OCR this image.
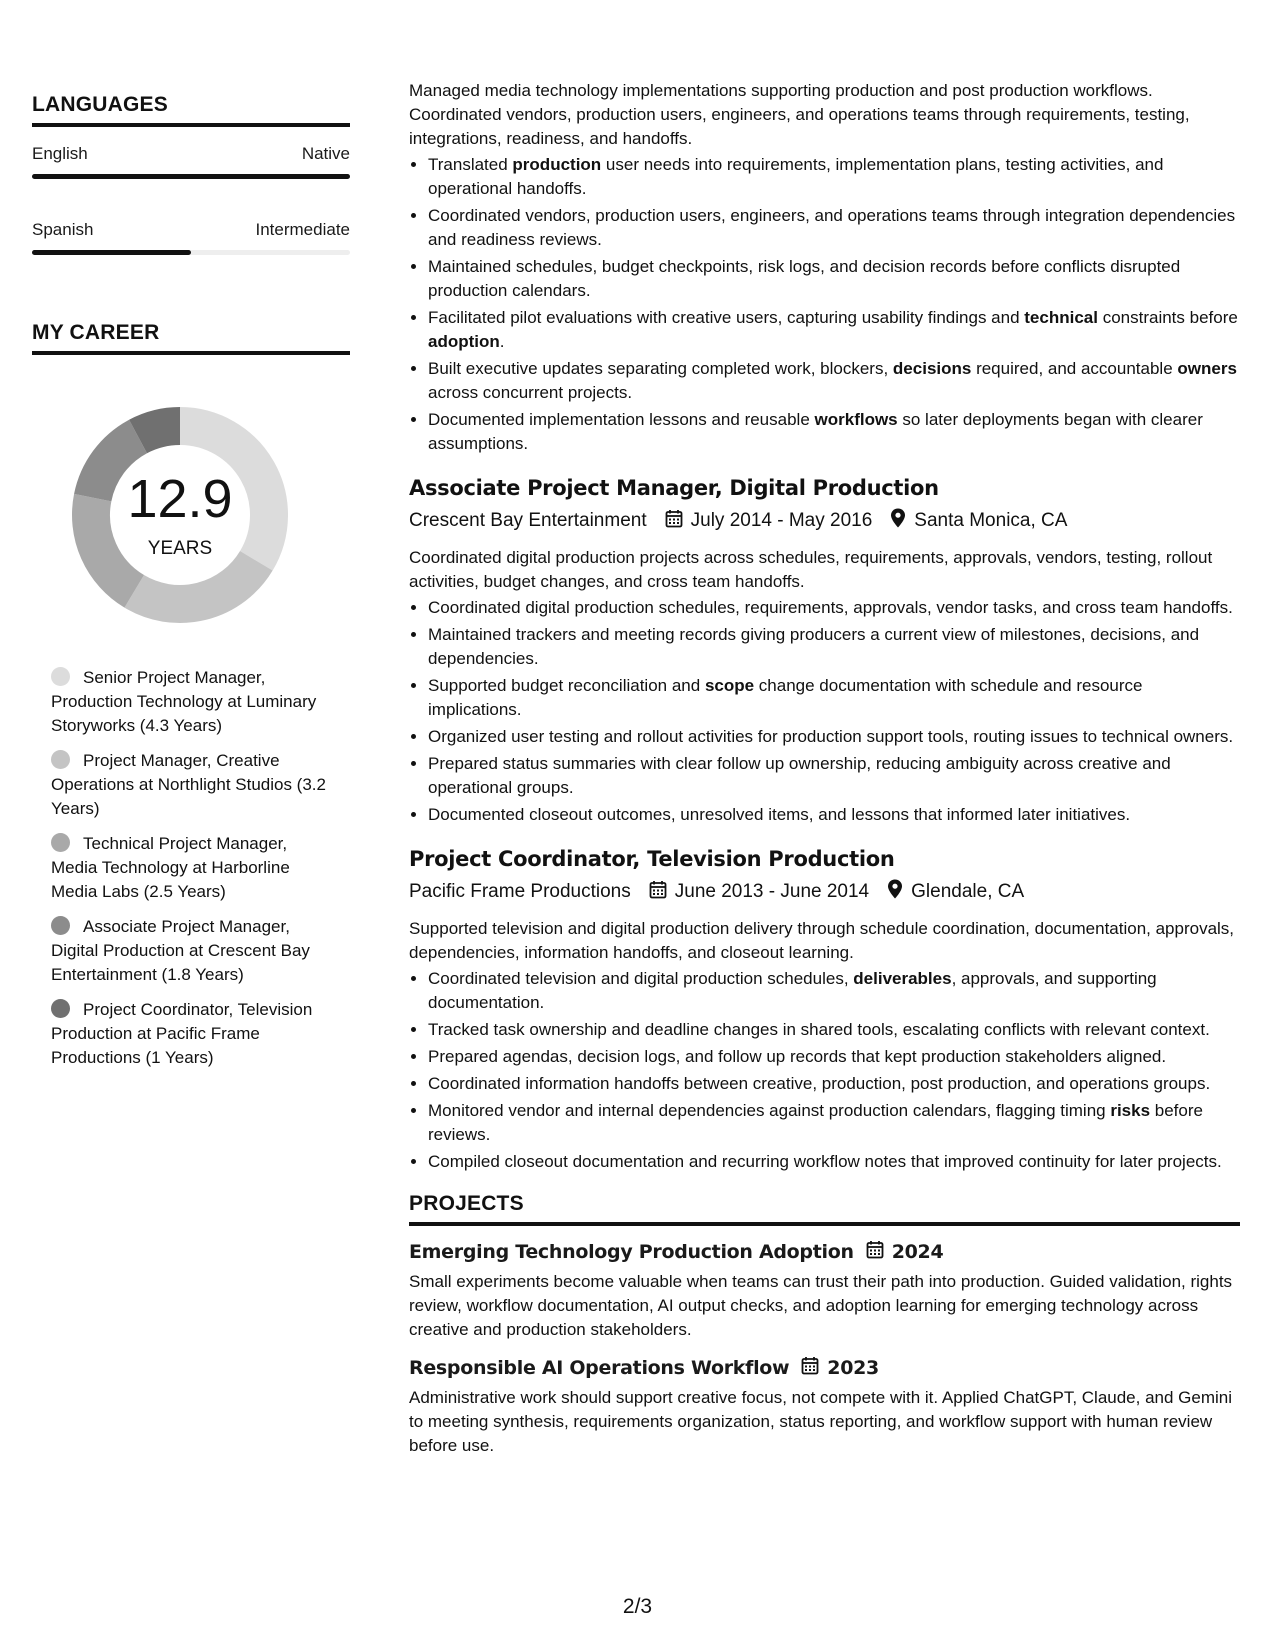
LANGUAGES
English	Native
Spanish	Intermediate
MY CAREER
12.9
YEARS
Senior Project Manager, Production Technology at Luminary Storyworks (4.3 Years)
Project Manager, Creative Operations at Northlight Studios (3.2 Years)
Technical Project Manager, Media Technology at Harborline Media Labs (2.5 Years)
Associate Project Manager, Digital Production at Crescent Bay Entertainment (1.8 Years)
Project Coordinator, Television Production at Pacific Frame Productions (1 Years)

Managed media technology implementations supporting production and post production workflows. Coordinated vendors, production users, engineers, and operations teams through requirements, testing, integrations, readiness, and handoffs.

• Translated production user needs into requirements, implementation plans, testing activities, and operational handoffs.
• Coordinated vendors, production users, engineers, and operations teams through integration dependencies and readiness reviews.
• Maintained schedules, budget checkpoints, risk logs, and decision records before conflicts disrupted production calendars.
• Facilitated pilot evaluations with creative users, capturing usability findings and technical constraints before adoption.
• Built executive updates separating completed work, blockers, decisions required, and accountable owners across concurrent projects.
• Documented implementation lessons and reusable workflows so later deployments began with clearer assumptions.
Associate Project Manager, Digital Production
Crescent Bay Entertainment July 2014 - May 2016 Santa Monica, CA

Coordinated digital production projects across schedules, requirements, approvals, vendors, testing, rollout activities, budget changes, and cross team handoffs.

• Coordinated digital production schedules, requirements, approvals, vendor tasks, and cross team handoffs.
• Maintained trackers and meeting records giving producers a current view of milestones, decisions, and dependencies.
• Supported budget reconciliation and scope change documentation with schedule and resource implications.
• Organized user testing and rollout activities for production support tools, routing issues to technical owners.
• Prepared status summaries with clear follow up ownership, reducing ambiguity across creative and operational groups.
• Documented closeout outcomes, unresolved items, and lessons that informed later initiatives.
Project Coordinator, Television Production
Pacific Frame Productions June 2013 - June 2014 Glendale, CA

Supported television and digital production delivery through schedule coordination, documentation, approvals, dependencies, information handoffs, and closeout learning.

• Coordinated television and digital production schedules, deliverables, approvals, and supporting documentation.
• Tracked task ownership and deadline changes in shared tools, escalating conflicts with relevant context.
• Prepared agendas, decision logs, and follow up records that kept production stakeholders aligned.
• Coordinated information handoffs between creative, production, post production, and operations groups.
• Monitored vendor and internal dependencies against production calendars, flagging timing risks before reviews.
• Compiled closeout documentation and recurring workflow notes that improved continuity for later projects.
PROJECTS
Emerging Technology Production Adoption 2024

Small experiments become valuable when teams can trust their path into production. Guided validation, rights review, workflow documentation, AI output checks, and adoption learning for emerging technology across creative and production stakeholders.

Responsible AI Operations Workflow 2023

Administrative work should support creative focus, not compete with it. Applied ChatGPT, Claude, and Gemini to meeting synthesis, requirements organization, status reporting, and workflow support with human review before use.

2/3
